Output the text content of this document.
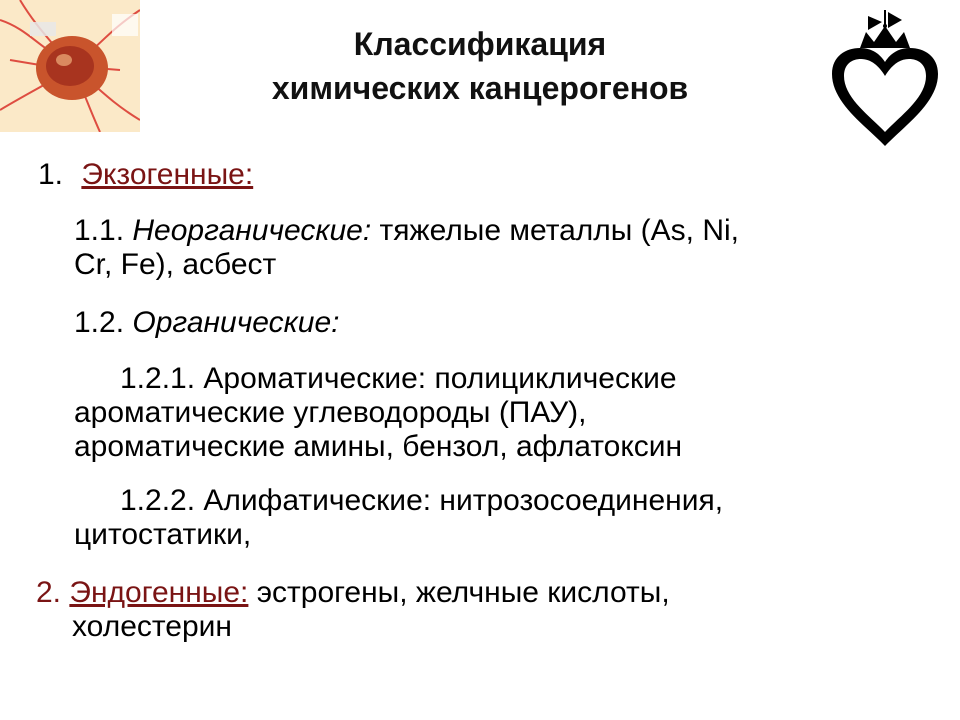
Классификация
химических канцерогенов
1. Экзогенные:
1.1. Неорганические: тяжелые металлы (As, Ni,
Cr, Fe), асбест
1.2. Органические:
1.2.1. Ароматические: полициклические
ароматические углеводороды (ПАУ),
ароматические амины, бензол, афлатоксин
1.2.2. Алифатические: нитрозосоединения,
цитостатики,
2. Эндогенные: эстрогены, желчные кислоты,
холестерин
